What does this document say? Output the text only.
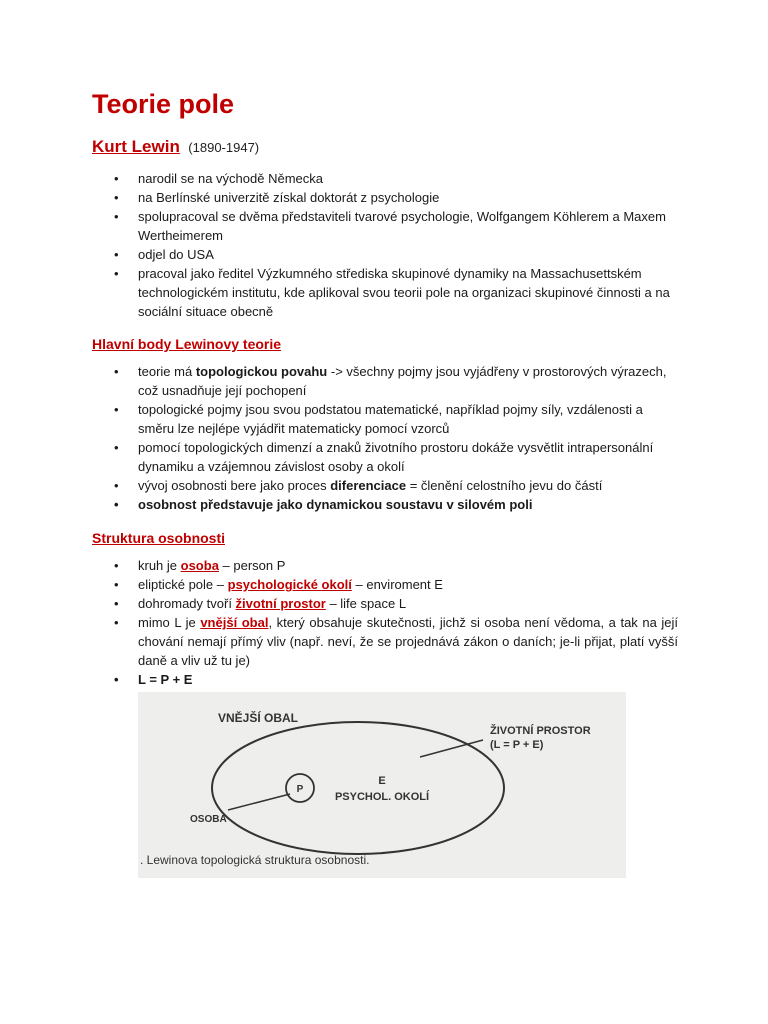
Teorie pole
Kurt Lewin (1890-1947)
• narodil se na východě Německa
• na Berlínské univerzitě získal doktorát z psychologie
• spolupracoval se dvěma představiteli tvarové psychologie, Wolfgangem Köhlerem a Maxem Wertheimerem
• odjel do USA
• pracoval jako ředitel Výzkumného střediska skupinové dynamiky na Massachusettském technologickém institutu, kde aplikoval svou teorii pole na organizaci skupinové činnosti a na sociální situace obecně
Hlavní body Lewinovy teorie
• teorie má topologickou povahu -> všechny pojmy jsou vyjádřeny v prostorových výrazech, což usnadňuje její pochopení
• topologické pojmy jsou svou podstatou matematické, například pojmy síly, vzdálenosti a směru lze nejlépe vyjádřit matematicky pomocí vzorců
• pomocí topologických dimenzí a znaků životního prostoru dokáže vysvětlit intrapersonální dynamiku a vzájemnou závislost osoby a okolí
• vývoj osobnosti bere jako proces diferenciace = členění celostního jevu do částí
• osobnost představuje jako dynamickou soustavu v silovém poli
Struktura osobnosti
• kruh je osoba – person P
• eliptické pole – psychologické okolí – enviroment E
• dohromady tvoří životní prostor – life space L
• mimo L je vnější obal, který obsahuje skutečnosti, jichž si osoba není vědoma, a tak na její chování nemají přímý vliv (např. neví, že se projednává zákon o daních; je-li přijat, platí vyšší daně a vliv už tu je)
• L = P + E
VNĚJŠÍ OBAL
ŽIVOTNÍ PROSTOR
(L = P + E)
P
E
PSYCHOL. OKOLÍ
OSOBA
. Lewinova topologická struktura osobnosti.
